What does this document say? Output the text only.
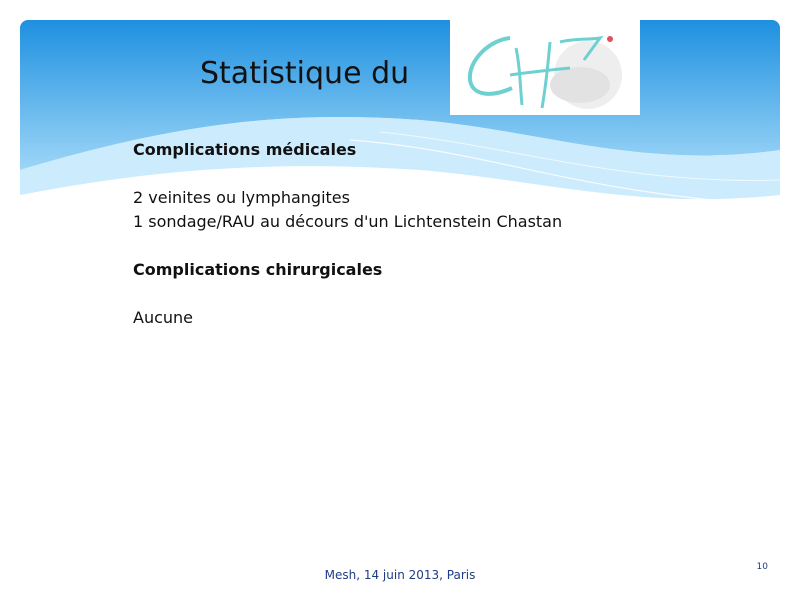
Statistique du
Complications médicales
2 veinites ou lymphangites
1 sondage/RAU au décours d'un Lichtenstein Chastan
Complications chirurgicales
Aucune
Mesh, 14 juin 2013, Paris
10
